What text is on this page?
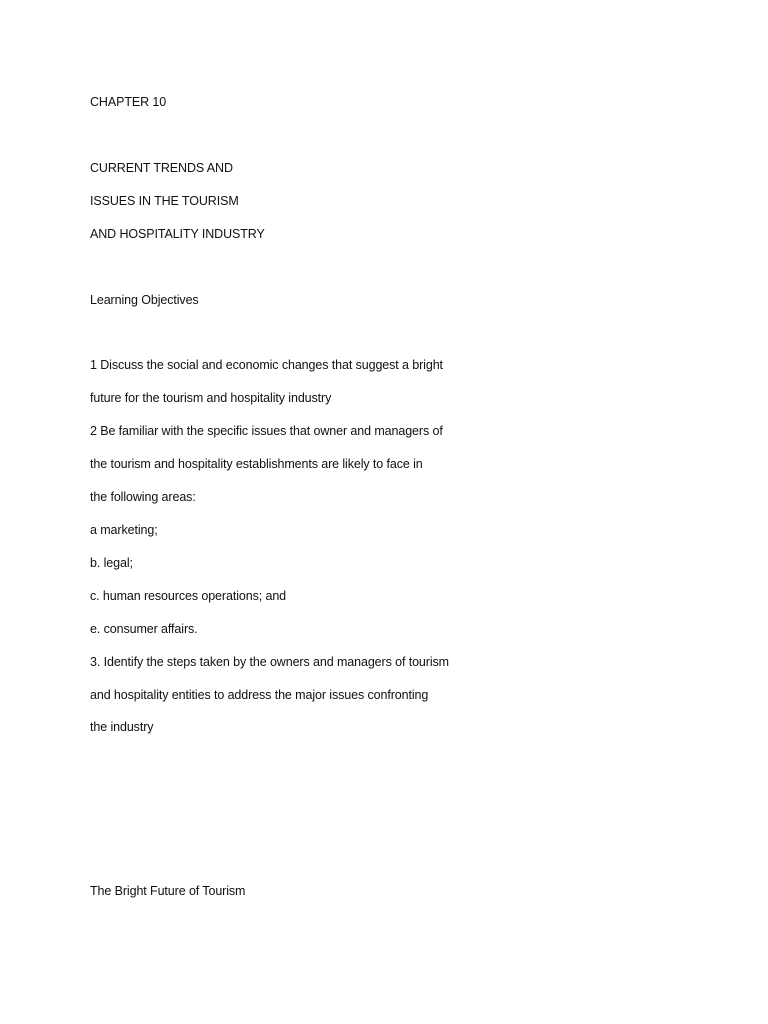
CHAPTER 10
CURRENT TRENDS AND
ISSUES IN THE TOURISM
AND HOSPITALITY INDUSTRY
Learning Objectives
1 Discuss the social and economic changes that suggest a bright
future for the tourism and hospitality industry
2 Be familiar with the specific issues that owner and managers of
the tourism and hospitality establishments are likely to face in
the following areas:
a marketing;
b. legal;
c. human resources operations; and
e. consumer affairs.
3. Identify the steps taken by the owners and managers of tourism
and hospitality entities to address the major issues confronting
the industry
The Bright Future of Tourism
